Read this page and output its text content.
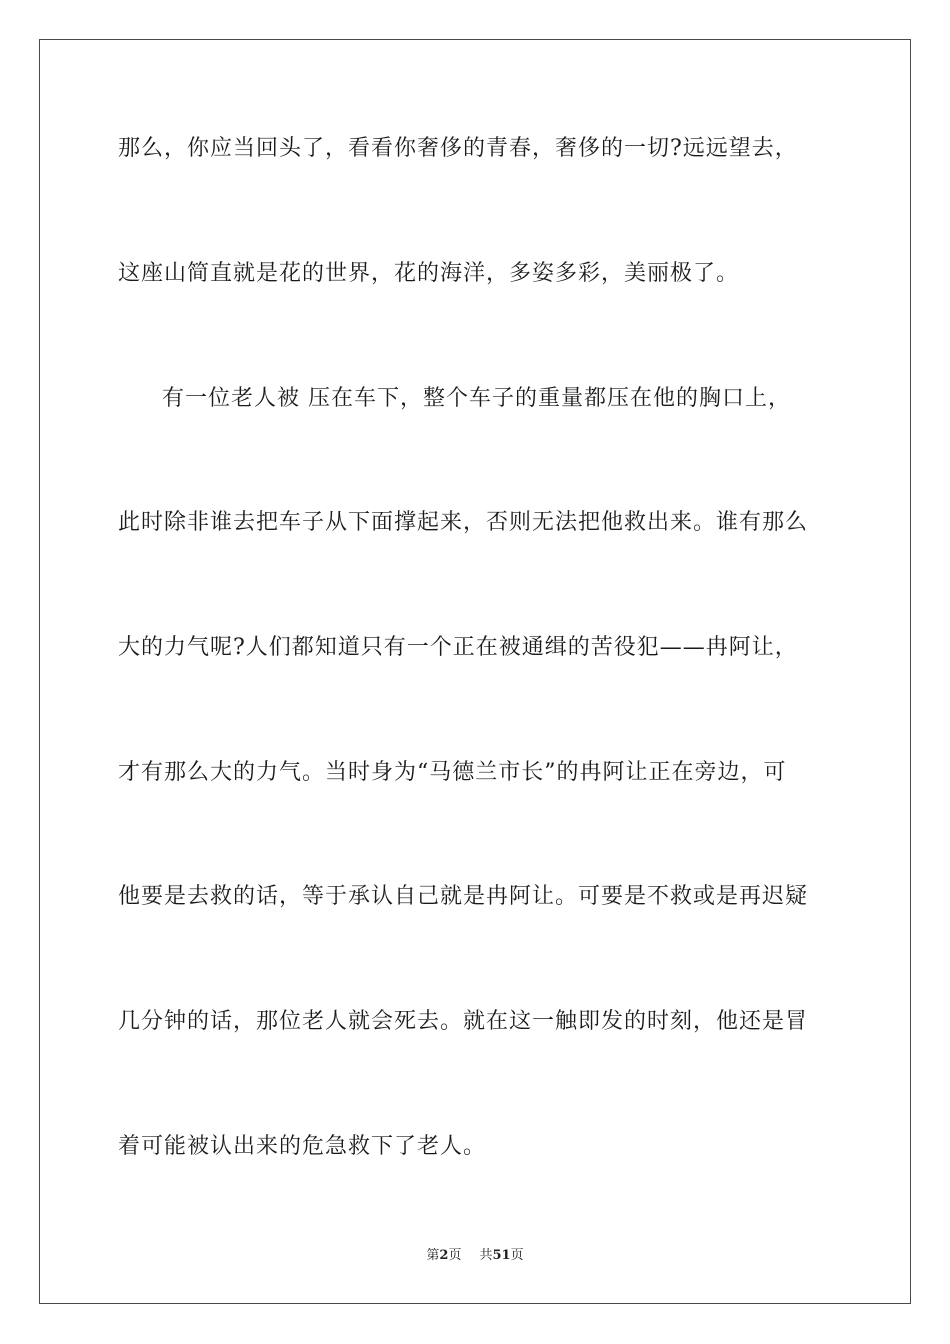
那么，你应当回头了，看看你奢侈的青春，奢侈的一切?远远望去，
这座山简直就是花的世界，花的海洋，多姿多彩，美丽极了。
有一位老人被 压在车下，整个车子的重量都压在他的胸口上，
此时除非谁去把车子从下面撑起来，否则无法把他救出来。谁有那么
大的力气呢?人们都知道只有一个正在被通缉的苦役犯——冉阿让，
才有那么大的力气。当时身为“马德兰市长”的冉阿让正在旁边，可
他要是去救的话，等于承认自己就是冉阿让。可要是不救或是再迟疑
几分钟的话，那位老人就会死去。就在这一触即发的时刻，他还是冒
着可能被认出来的危急救下了老人。
第2页 共51页
